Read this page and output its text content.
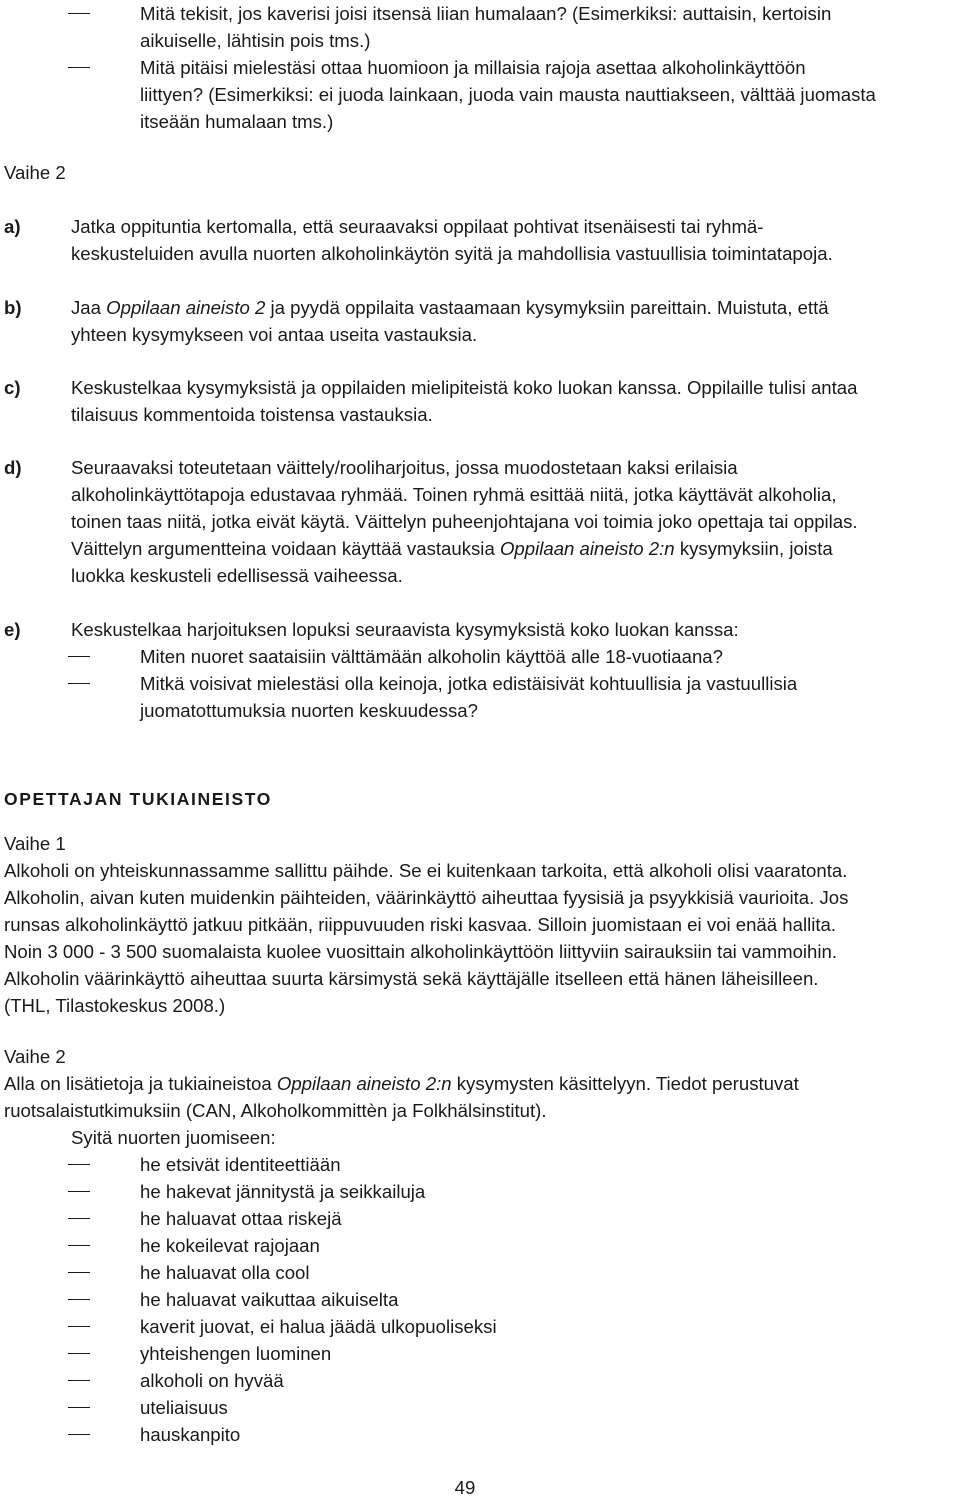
Mitä tekisit, jos kaverisi joisi itsensä liian humalaan? (Esimerkiksi: auttaisin, kertoisin
aikuiselle, lähtisin pois tms.)
Mitä pitäisi mielestäsi ottaa huomioon ja millaisia rajoja asettaa alkoholinkäyttöön
liittyen? (Esimerkiksi: ei juoda lainkaan, juoda vain mausta nauttiakseen, välttää juomasta
itseään humalaan tms.)
Vaihe 2
a)	Jatka oppituntia kertomalla, että seuraavaksi oppilaat pohtivat itsenäisesti tai ryhmä-
keskusteluiden avulla nuorten alkoholinkäytön syitä ja mahdollisia vastuullisia toimintatapoja.
b)	Jaa Oppilaan aineisto 2 ja pyydä oppilaita vastaamaan kysymyksiin pareittain. Muistuta, että
yhteen kysymykseen voi antaa useita vastauksia.
c)	Keskustelkaa kysymyksistä ja oppilaiden mielipiteistä koko luokan kanssa. Oppilaille tulisi antaa
tilaisuus kommentoida toistensa vastauksia.
d)	Seuraavaksi toteutetaan väittely/rooliharjoitus, jossa muodostetaan kaksi erilaisia
alkoholinkäyttötapoja edustavaa ryhmää. Toinen ryhmä esittää niitä, jotka käyttävät alkoholia,
toinen taas niitä, jotka eivät käytä. Väittelyn puheenjohtajana voi toimia joko opettaja tai oppilas.
Väittelyn argumentteina voidaan käyttää vastauksia Oppilaan aineisto 2:n kysymyksiin, joista
luokka keskusteli edellisessä vaiheessa.
e)	Keskustelkaa harjoituksen lopuksi seuraavista kysymyksistä koko luokan kanssa:
Miten nuoret saataisiin välttämään alkoholin käyttöä alle 18-vuotiaana?
Mitkä voisivat mielestäsi olla keinoja, jotka edistäisivät kohtuullisia ja vastuullisia
juomatottumuksia nuorten keskuudessa?
OPETTAJAN TUKIAINEISTO
Vaihe 1
Alkoholi on yhteiskunnassamme sallittu päihde. Se ei kuitenkaan tarkoita, että alkoholi olisi vaaratonta.
Alkoholin, aivan kuten muidenkin päihteiden, väärinkäyttö aiheuttaa fyysisiä ja psyykkisiä vaurioita. Jos
runsas alkoholinkäyttö jatkuu pitkään, riippuvuuden riski kasvaa. Silloin juomistaan ei voi enää hallita.
Noin 3 000 - 3 500 suomalaista kuolee vuosittain alkoholinkäyttöön liittyviin sairauksiin tai vammoihin.
Alkoholin väärinkäyttö aiheuttaa suurta kärsimystä sekä käyttäjälle itselleen että hänen läheisilleen.
(THL, Tilastokeskus 2008.)
Vaihe 2
Alla on lisätietoja ja tukiaineistoa Oppilaan aineisto 2:n kysymysten käsittelyyn. Tiedot perustuvat
ruotsalaistutkimuksiin (CAN, Alkoholkommittèn ja Folkhälsinstitut).
Syitä nuorten juomiseen:
he etsivät identiteettiään
he hakevat jännitystä ja seikkailuja
he haluavat ottaa riskejä
he kokeilevat rajojaan
he haluavat olla cool
he haluavat vaikuttaa aikuiselta
kaverit juovat, ei halua jäädä ulkopuoliseksi
yhteishengen luominen
alkoholi on hyvää
uteliaisuus
hauskanpito
49
